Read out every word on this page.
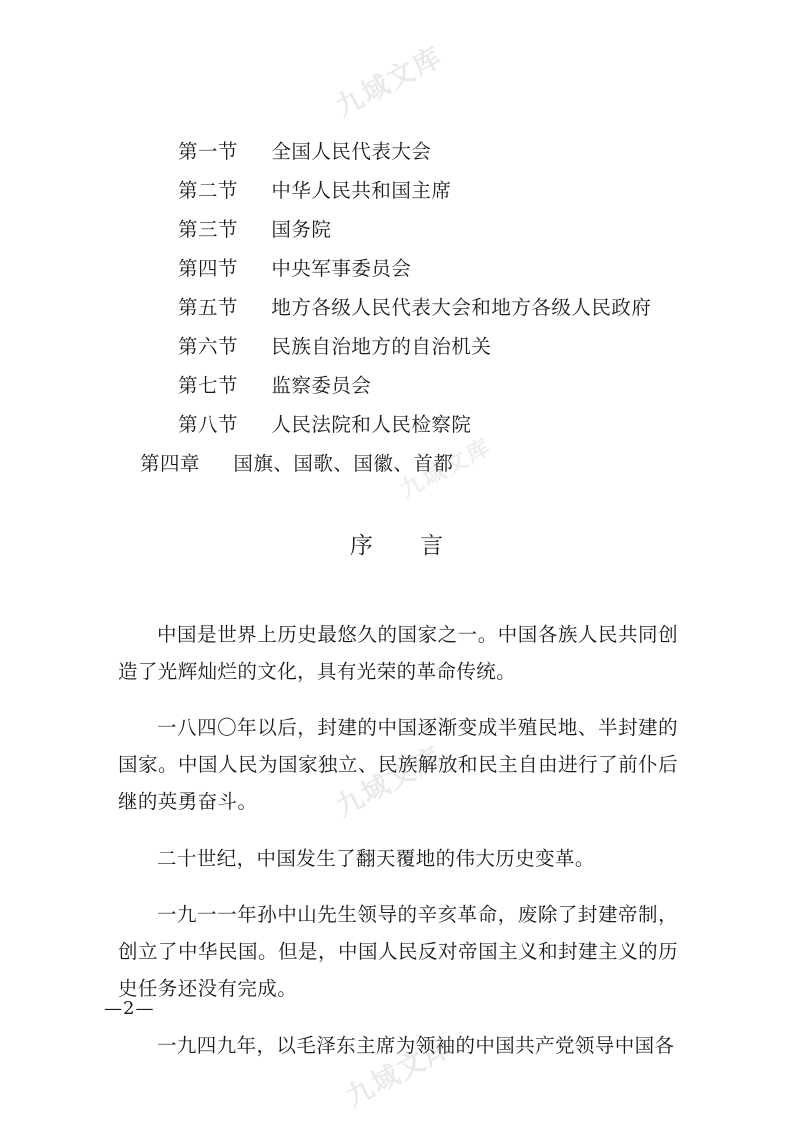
九域文库
九域文库
九域文库
九域文库
第一节 全国人民代表大会
第二节 中华人民共和国主席
第三节 国务院
第四节 中央军事委员会
第五节 地方各级人民代表大会和地方各级人民政府
第六节 民族自治地方的自治机关
第七节 监察委员会
第八节 人民法院和人民检察院
第四章 国旗、国歌、国徽、首都
序 言

中国是世界上历史最悠久的国家之一。中国各族人民共同创造了光辉灿烂的文化，具有光荣的革命传统。

一八四〇年以后，封建的中国逐渐变成半殖民地、半封建的国家。中国人民为国家独立、民族解放和民主自由进行了前仆后继的英勇奋斗。

二十世纪，中国发生了翻天覆地的伟大历史变革。

一九一一年孙中山先生领导的辛亥革命，废除了封建帝制，创立了中华民国。但是，中国人民反对帝国主义和封建主义的历史任务还没有完成。

一九四九年，以毛泽东主席为领袖的中国共产党领导中国各

—2—
